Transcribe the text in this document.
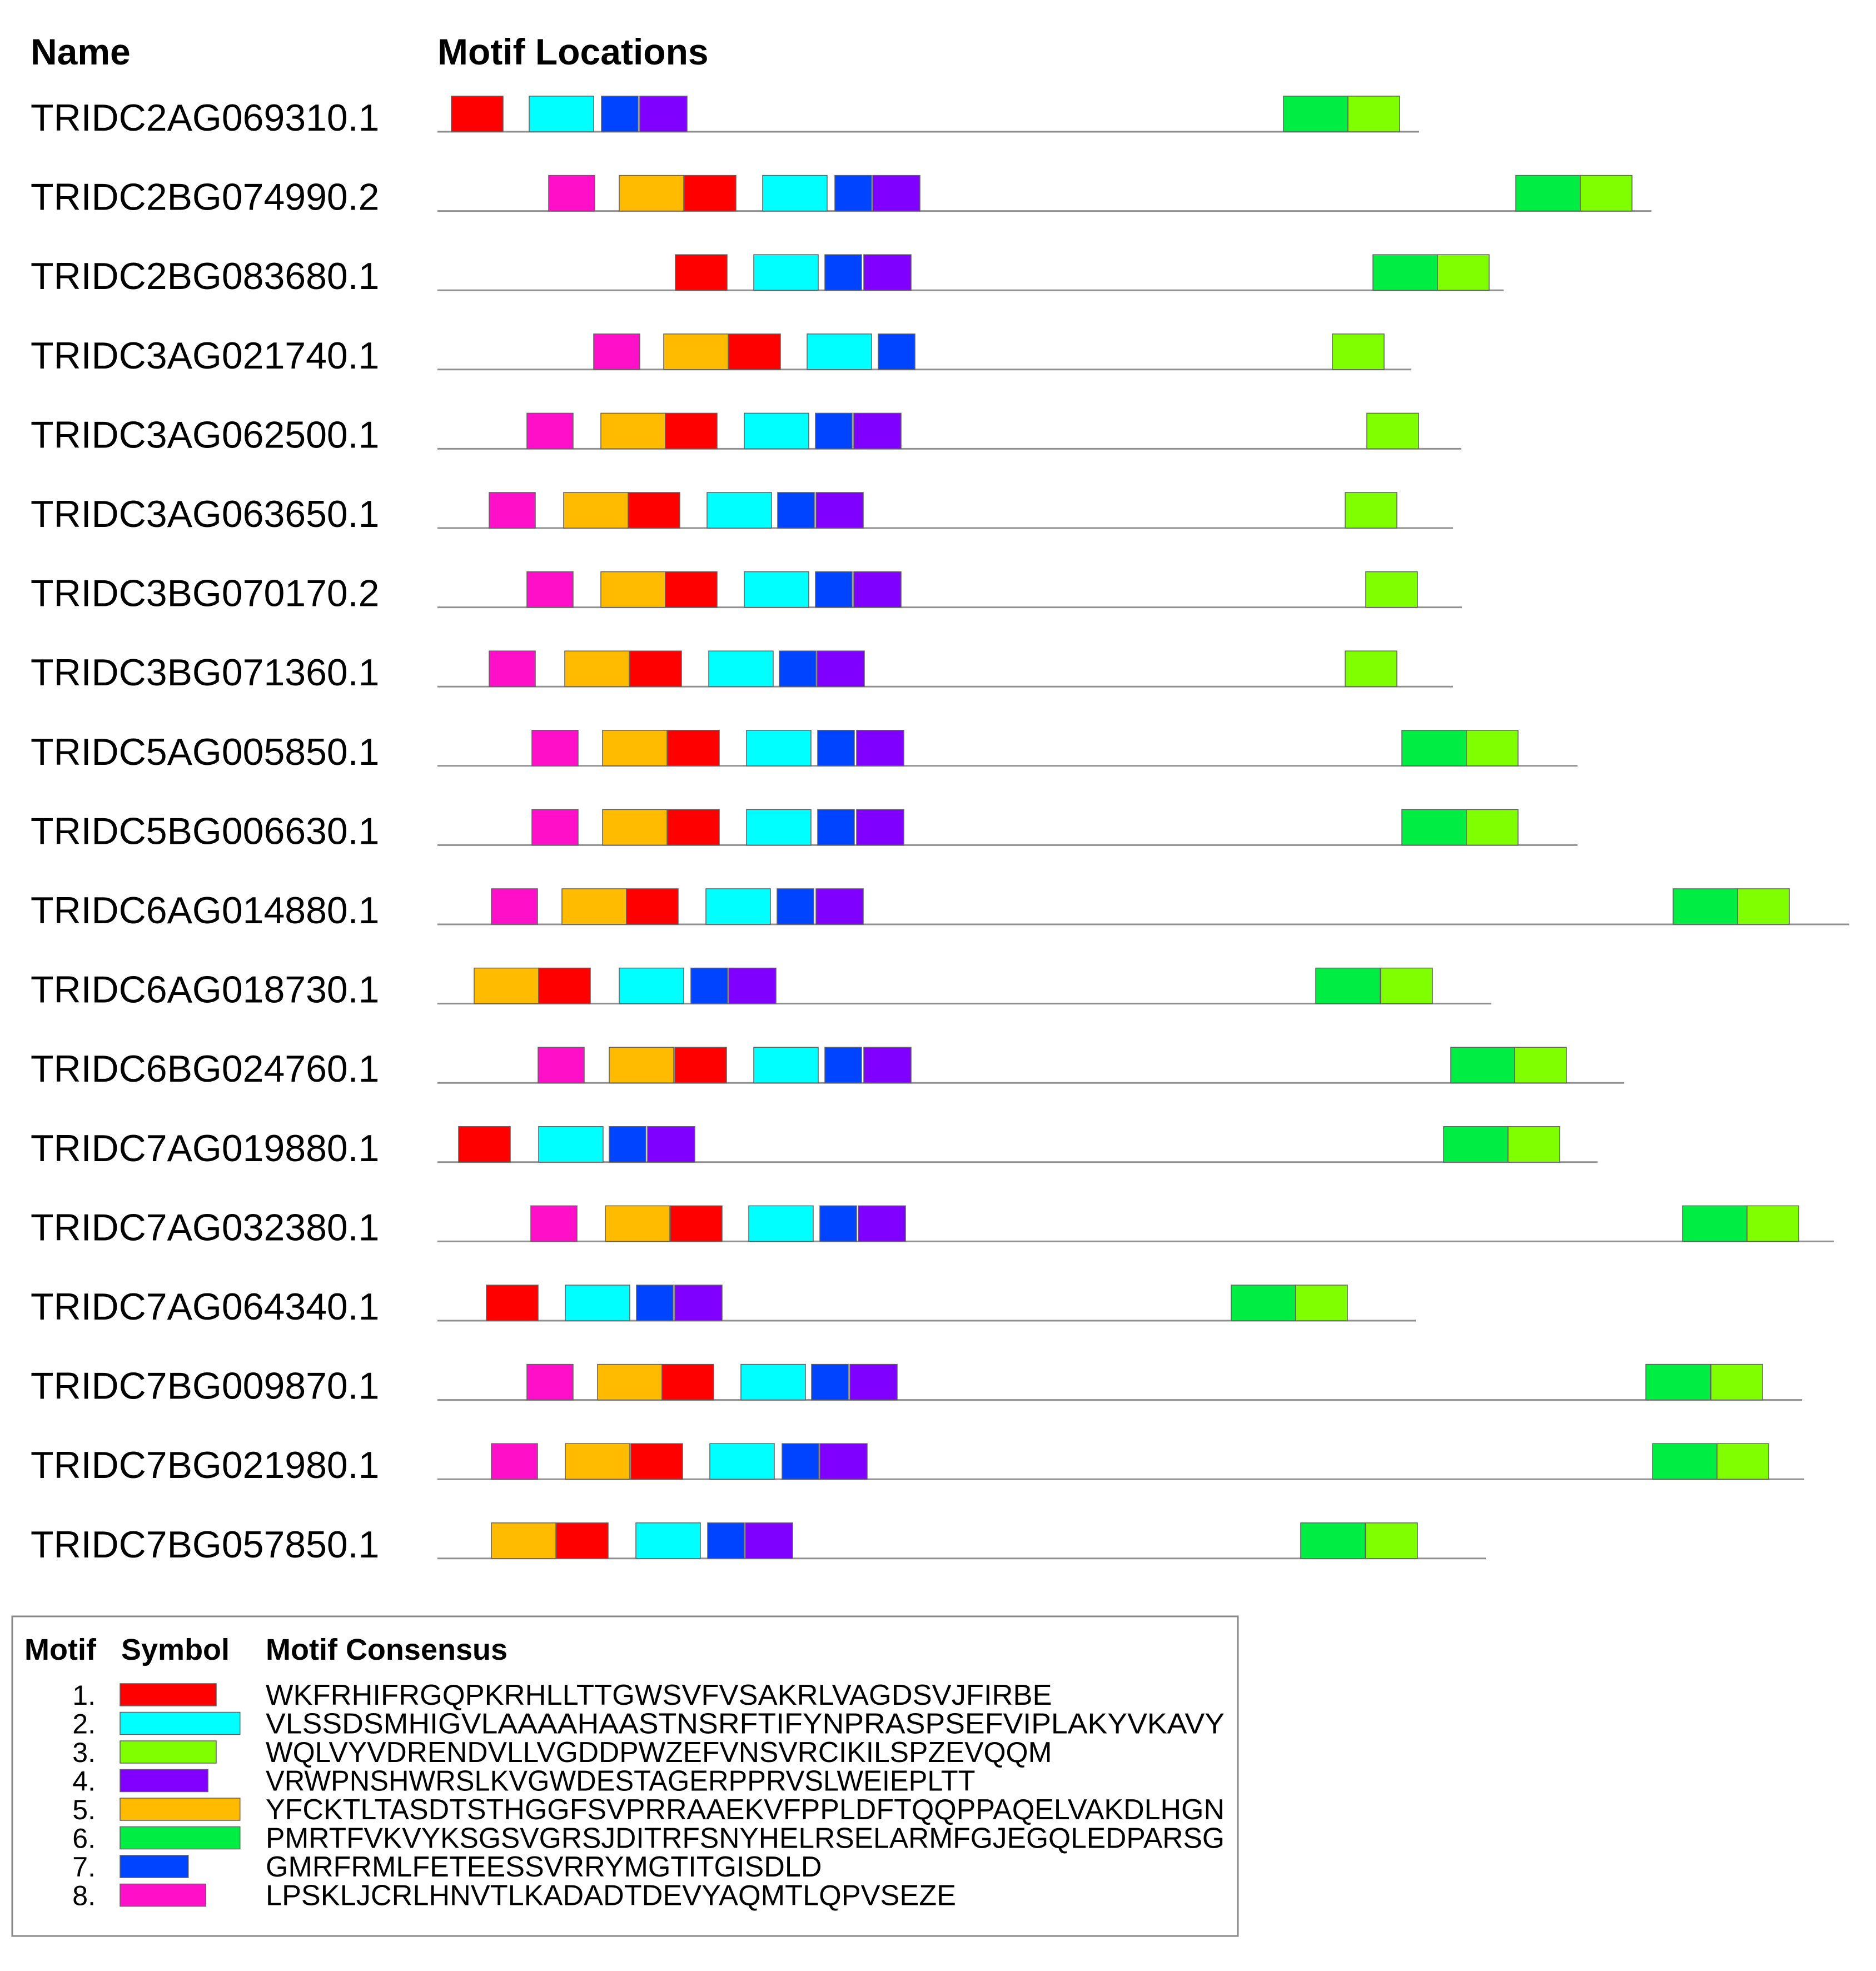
Name	Motif Locations
TRIDC2AG069310.1
TRIDC2BG074990.2
TRIDC2BG083680.1
TRIDC3AG021740.1
TRIDC3AG062500.1
TRIDC3AG063650.1
TRIDC3BG070170.2
TRIDC3BG071360.1
TRIDC5AG005850.1
TRIDC5BG006630.1
TRIDC6AG014880.1
TRIDC6AG018730.1
TRIDC6BG024760.1
TRIDC7AG019880.1
TRIDC7AG032380.1
TRIDC7AG064340.1
TRIDC7BG009870.1
TRIDC7BG021980.1
TRIDC7BG057850.1
Motif Symbol Motif Consensus
1.	WKFRHIFRGQPKRHLLTTGWSVFVSAKRLVAGDSVJFIRBE
2.	VLSSDSMHIGVLAAAAHAASTNSRFTIFYNPRASPSEFVIPLAKYVKAVY
3.	WQLVYVDRENDVLLVGDDPWZEFVNSVRCIKILSPZEVQQM
4.	VRWPNSHWRSLKVGWDESTAGERPPRVSLWEIEPLTT
5.	YFCKTLTASDTSTHGGFSVPRRAAEKVFPPLDFTQQPPAQELVAKDLHGN
6.	PMRTFVKVYKSGSVGRSJDITRFSNYHELRSELARMFGJEGQLEDPARSG
7.	GMRFRMLFETEESSVRRYMGTITGISDLD
8.	LPSKLJCRLHNVTLKADADTDEVYAQMTLQPVSEZE
